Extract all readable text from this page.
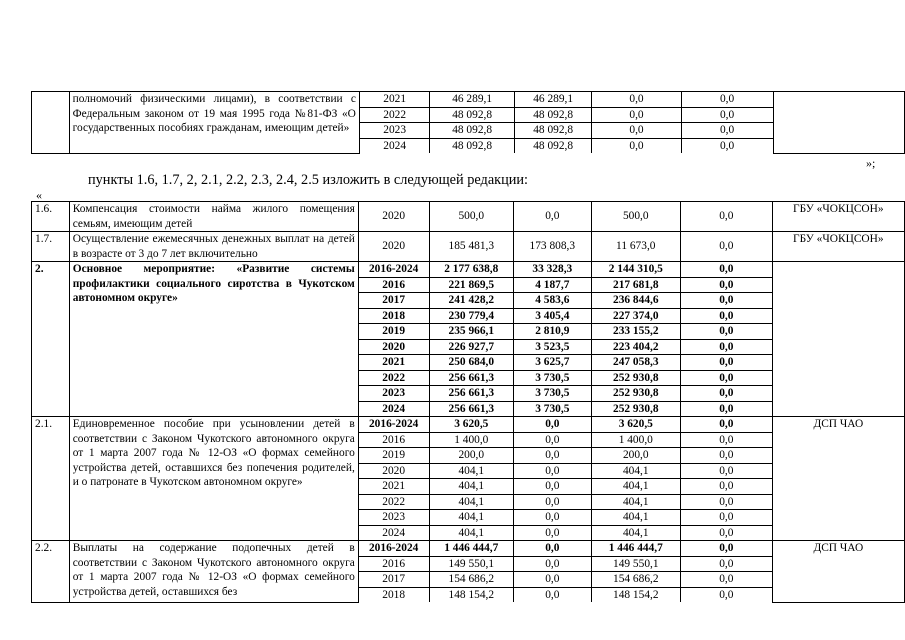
	полномочий физическими лицами), в соответствии с Федеральным законом от 19 мая 1995 года №81-ФЗ «О государственных пособиях гражданам, имеющим детей»	2021	46 289,1	46 289,1	0,0	0,0	
		2022	48 092,8	48 092,8	0,0	0,0	
		2023	48 092,8	48 092,8	0,0	0,0	
		2024	48 092,8	48 092,8	0,0	0,0	
»;
пункты 1.6, 1.7, 2, 2.1, 2.2, 2.3, 2.4, 2.5 изложить в следующей редакции:
«
1.6.	Компенсация стоимости найма жилого помещения семьям, имеющим детей	2020	500,0	0,0	500,0	0,0	ГБУ «ЧОКЦСОН»
1.7.	Осуществление ежемесячных денежных выплат на детей в возрасте от 3 до 7 лет включительно	2020	185 481,3	173 808,3	11 673,0	0,0	ГБУ «ЧОКЦСОН»
2.	Основное мероприятие: «Развитие системы профилактики социального сиротства в Чукотском автономном округе»	2016-2024	2 177 638,8	33 328,3	2 144 310,5	0,0	
		2016	221 869,5	4 187,7	217 681,8	0,0	
		2017	241 428,2	4 583,6	236 844,6	0,0	
		2018	230 779,4	3 405,4	227 374,0	0,0	
		2019	235 966,1	2 810,9	233 155,2	0,0	
		2020	226 927,7	3 523,5	223 404,2	0,0	
		2021	250 684,0	3 625,7	247 058,3	0,0	
		2022	256 661,3	3 730,5	252 930,8	0,0	
		2023	256 661,3	3 730,5	252 930,8	0,0	
		2024	256 661,3	3 730,5	252 930,8	0,0	
2.1.	Единовременное пособие при усыновлении детей в соответствии с Законом Чукотского автономного округа от 1 марта 2007 года № 12-ОЗ «О формах семейного устройства детей, оставшихся без попечения родителей, и о патронате в Чукотском автономном округе»	2016-2024	3 620,5	0,0	3 620,5	0,0	ДСП ЧАО
		2016	1 400,0	0,0	1 400,0	0,0	
		2019	200,0	0,0	200,0	0,0	
		2020	404,1	0,0	404,1	0,0	
		2021	404,1	0,0	404,1	0,0	
		2022	404,1	0,0	404,1	0,0	
		2023	404,1	0,0	404,1	0,0	
		2024	404,1	0,0	404,1	0,0	
2.2.	Выплаты на содержание подопечных детей в соответствии с Законом Чукотского автономного округа от 1 марта 2007 года № 12-ОЗ «О формах семейного устройства детей, оставшихся без	2016-2024	1 446 444,7	0,0	1 446 444,7	0,0	ДСП ЧАО
		2016	149 550,1	0,0	149 550,1	0,0	
		2017	154 686,2	0,0	154 686,2	0,0	
		2018	148 154,2	0,0	148 154,2	0,0	
